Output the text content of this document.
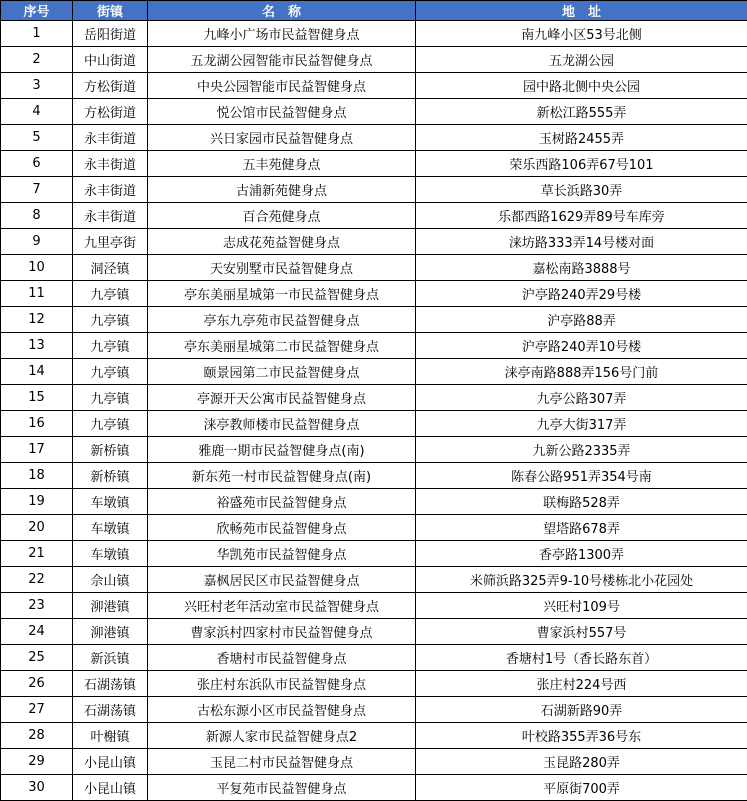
序号	街镇	名　称	地　址
1	岳阳街道	九峰小广场市民益智健身点	南九峰小区53号北侧
2	中山街道	五龙湖公园智能市民益智健身点	五龙湖公园
3	方松街道	中央公园智能市民益智健身点	园中路北侧中央公园
4	方松街道	悦公馆市民益智健身点	新松江路555弄
5	永丰街道	兴日家园市民益智健身点	玉树路2455弄
6	永丰街道	五丰苑健身点	荣乐西路106弄67号101
7	永丰街道	古浦新苑健身点	草长浜路30弄
8	永丰街道	百合苑健身点	乐都西路1629弄89号车库旁
9	九里亭街	志成花苑益智健身点	涞坊路333弄14号楼对面
10	洞泾镇	天安别墅市民益智健身点	嘉松南路3888号
11	九亭镇	亭东美丽星城第一市民益智健身点	沪亭路240弄29号楼
12	九亭镇	亭东九亭苑市民益智健身点	沪亭路88弄
13	九亭镇	亭东美丽星城第二市民益智健身点	沪亭路240弄10号楼
14	九亭镇	颐景园第二市民益智健身点	涞亭南路888弄156号门前
15	九亭镇	亭源开天公寓市民益智健身点	九亭公路307弄
16	九亭镇	涞亭教师楼市民益智健身点	九亭大街317弄
17	新桥镇	雅鹿一期市民益智健身点(南)	九新公路2335弄
18	新桥镇	新东苑一村市民益智健身点(南)	陈春公路951弄354号南
19	车墩镇	裕盛苑市民益智健身点	联梅路528弄
20	车墩镇	欣畅苑市民益智健身点	望塔路678弄
21	车墩镇	华凯苑市民益智健身点	香亭路1300弄
22	佘山镇	嘉枫居民区市民益智健身点	米筛浜路325弄9-10号楼栋北小花园处
23	泖港镇	兴旺村老年活动室市民益智健身点	兴旺村109号
24	泖港镇	曹家浜村四家村市民益智健身点	曹家浜村557号
25	新浜镇	香塘村市民益智健身点	香塘村1号（香长路东首）
26	石湖荡镇	张庄村东浜队市民益智健身点	张庄村224号西
27	石湖荡镇	古松东源小区市民益智健身点	石湖新路90弄
28	叶榭镇	新源人家市民益智健身点2	叶校路355弄36号东
29	小昆山镇	玉昆二村市民益智健身点	玉昆路280弄
30	小昆山镇	平复苑市民益智健身点	平原街700弄
